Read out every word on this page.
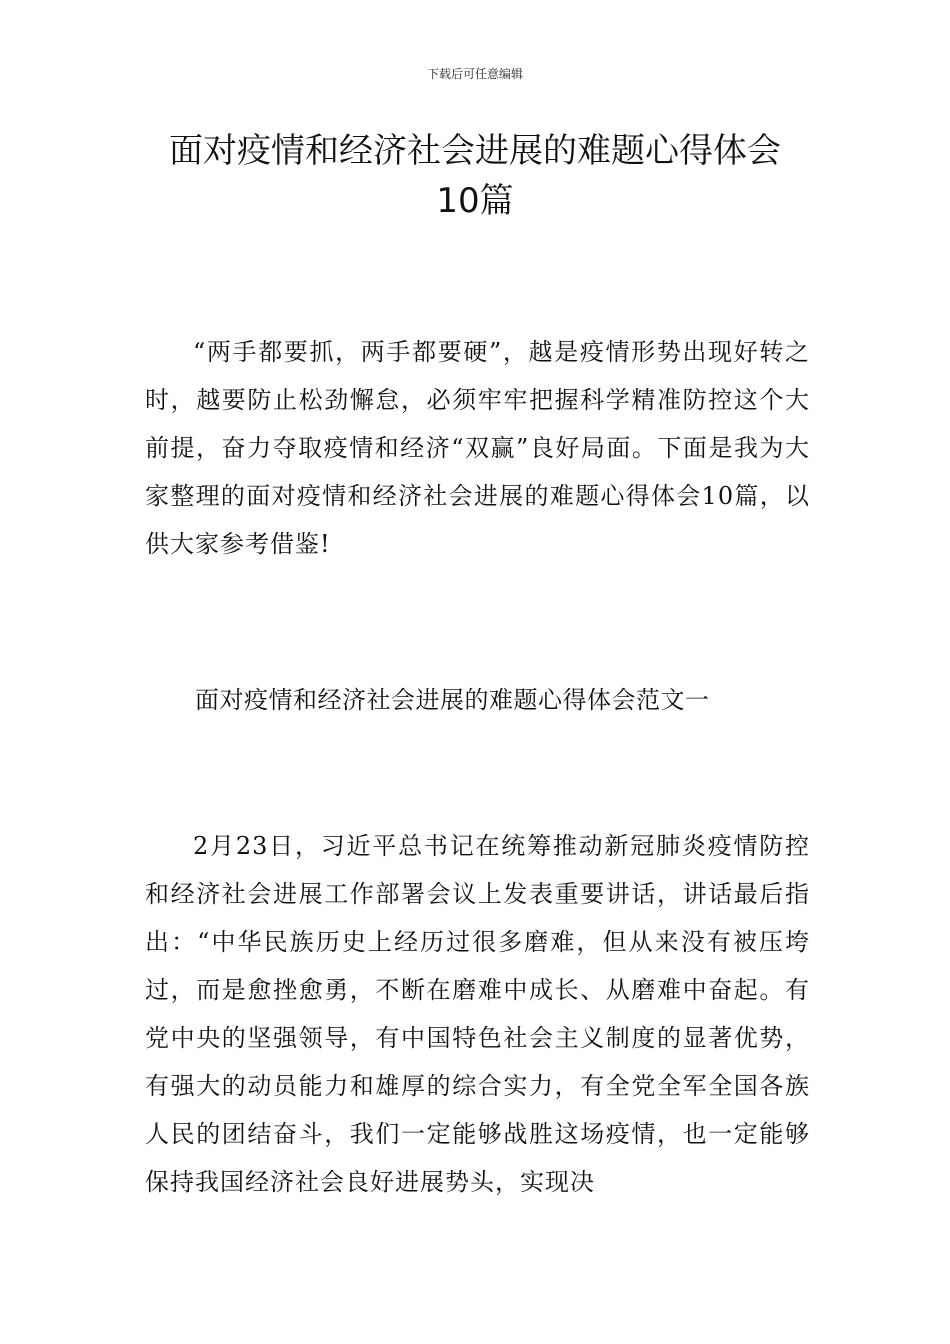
下载后可任意编辑
面对疫情和经济社会进展的难题心得体会
10篇

“两手都要抓，两手都要硬”，越是疫情形势出现好转之时，越要防止松劲懈怠，必须牢牢把握科学精准防控这个大前提，奋力夺取疫情和经济“双赢”良好局面。下面是我为大家整理的面对疫情和经济社会进展的难题心得体会10篇，以供大家参考借鉴!

面对疫情和经济社会进展的难题心得体会范文一

2月23日，习近平总书记在统筹推动新冠肺炎疫情防控和经济社会进展工作部署会议上发表重要讲话，讲话最后指出：“中华民族历史上经历过很多磨难，但从来没有被压垮过，而是愈挫愈勇，不断在磨难中成长、从磨难中奋起。有党中央的坚强领导，有中国特色社会主义制度的显著优势，有强大的动员能力和雄厚的综合实力，有全党全军全国各族人民的团结奋斗，我们一定能够战胜这场疫情，也一定能够保持我国经济社会良好进展势头，实现决
